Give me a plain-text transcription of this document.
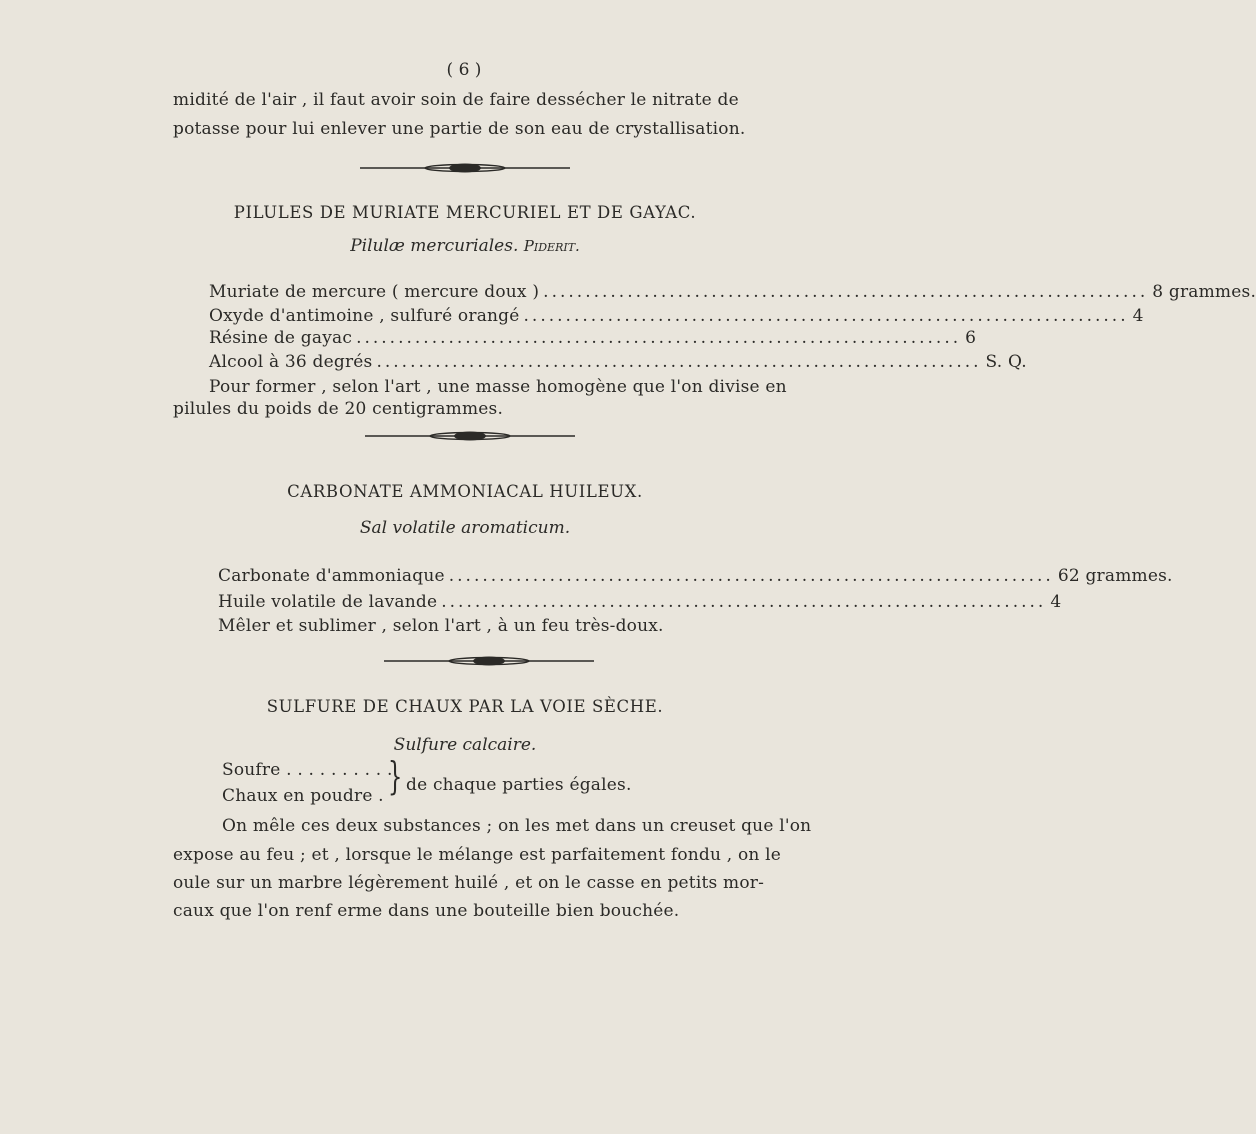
( 6 )
midité de l'air , il faut avoir soin de faire dessécher le nitrate de
potasse pour lui enlever une partie de son eau de crystallisation.
PILULES DE MURIATE MERCURIEL ET DE GAYAC.
Pilulæ mercuriales. Piderit.
Muriate de mercure ( mercure doux ) ........................................................................ 8 grammes.
Oxyde d'antimoine , sulfuré orangé ........................................................................ 4
Résine de gayac ........................................................................ 6
Alcool à 36 degrés ........................................................................ S. Q.
Pour former , selon l'art , une masse homogène que l'on divise en
pilules du poids de 20 centigrammes.
CARBONATE AMMONIACAL HUILEUX.
Sal volatile aromaticum.
Carbonate d'ammoniaque ........................................................................ 62 grammes.
Huile volatile de lavande ........................................................................ 4
Mêler et sublimer , selon l'art , à un feu très-doux.
SULFURE DE CHAUX PAR LA VOIE SÈCHE.
Sulfure calcaire.
Soufre . . . . . . . . . .
Chaux en poudre . } de chaque parties égales.
On mêle ces deux substances ; on les met dans un creuset que l'on
expose au feu ; et , lorsque le mélange est parfaitement fondu , on le
oule sur un marbre légèrement huilé , et on le casse en petits mor-
caux que l'on renf erme dans une bouteille bien bouchée.
